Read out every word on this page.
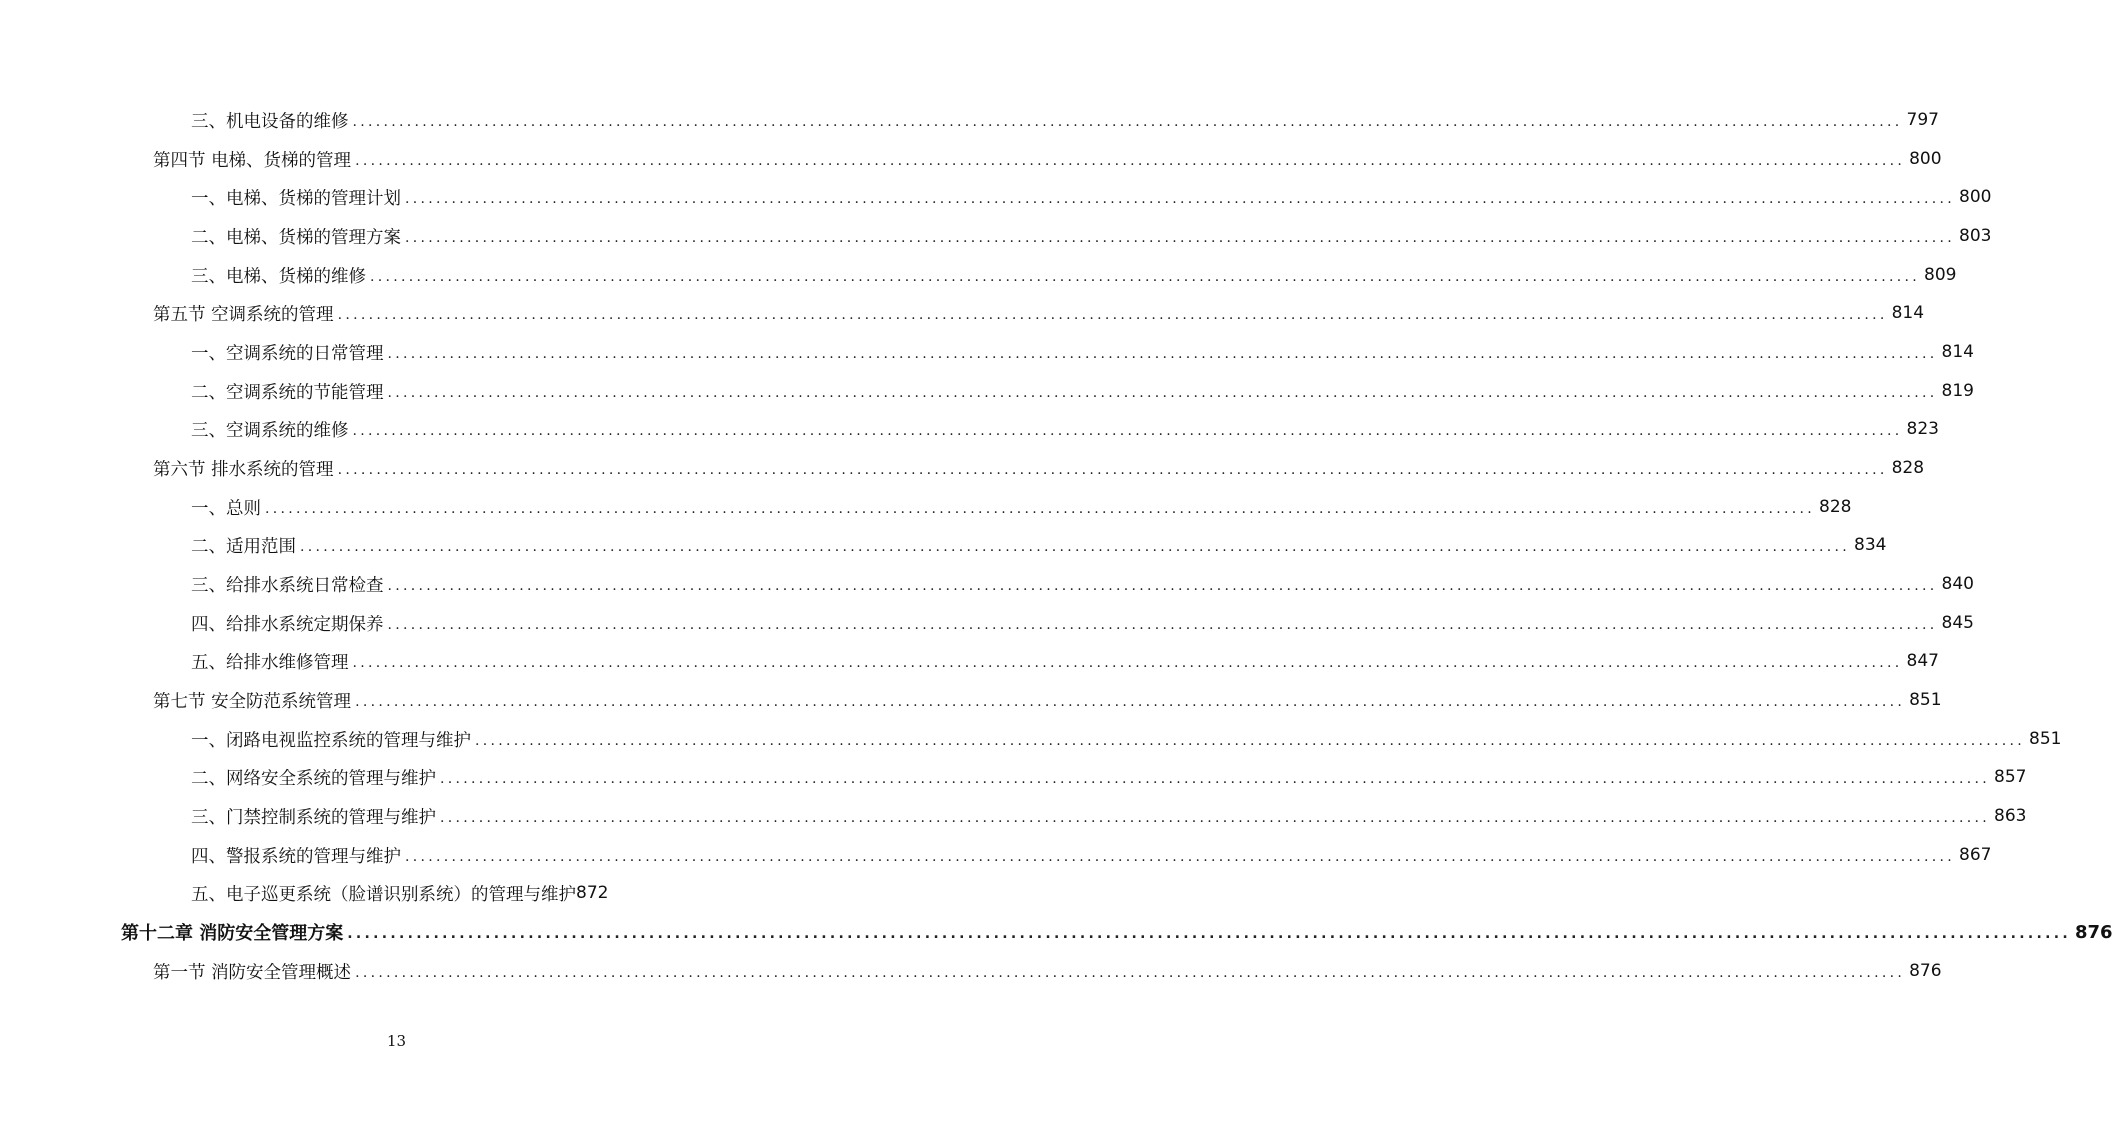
三、机电设备的维修 ........................................................................................................................................................................................................ 797
第四节 电梯、货梯的管理 ........................................................................................................................................................................................................ 800
一、电梯、货梯的管理计划 ........................................................................................................................................................................................................ 800
二、电梯、货梯的管理方案 ........................................................................................................................................................................................................ 803
三、电梯、货梯的维修 ........................................................................................................................................................................................................ 809
第五节 空调系统的管理 ........................................................................................................................................................................................................ 814
一、空调系统的日常管理 ........................................................................................................................................................................................................ 814
二、空调系统的节能管理 ........................................................................................................................................................................................................ 819
三、空调系统的维修 ........................................................................................................................................................................................................ 823
第六节 排水系统的管理 ........................................................................................................................................................................................................ 828
一、总则 ........................................................................................................................................................................................................ 828
二、适用范围 ........................................................................................................................................................................................................ 834
三、给排水系统日常检查 ........................................................................................................................................................................................................ 840
四、给排水系统定期保养 ........................................................................................................................................................................................................ 845
五、给排水维修管理 ........................................................................................................................................................................................................ 847
第七节 安全防范系统管理 ........................................................................................................................................................................................................ 851
一、闭路电视监控系统的管理与维护 ........................................................................................................................................................................................................ 851
二、网络安全系统的管理与维护 ........................................................................................................................................................................................................ 857
三、门禁控制系统的管理与维护 ........................................................................................................................................................................................................ 863
四、警报系统的管理与维护 ........................................................................................................................................................................................................ 867
五、电子巡更系统（脸谱识别系统）的管理与维护 872
第十二章 消防安全管理方案 ........................................................................................................................................................................................................ 876
第一节 消防安全管理概述 ........................................................................................................................................................................................................ 876
13
